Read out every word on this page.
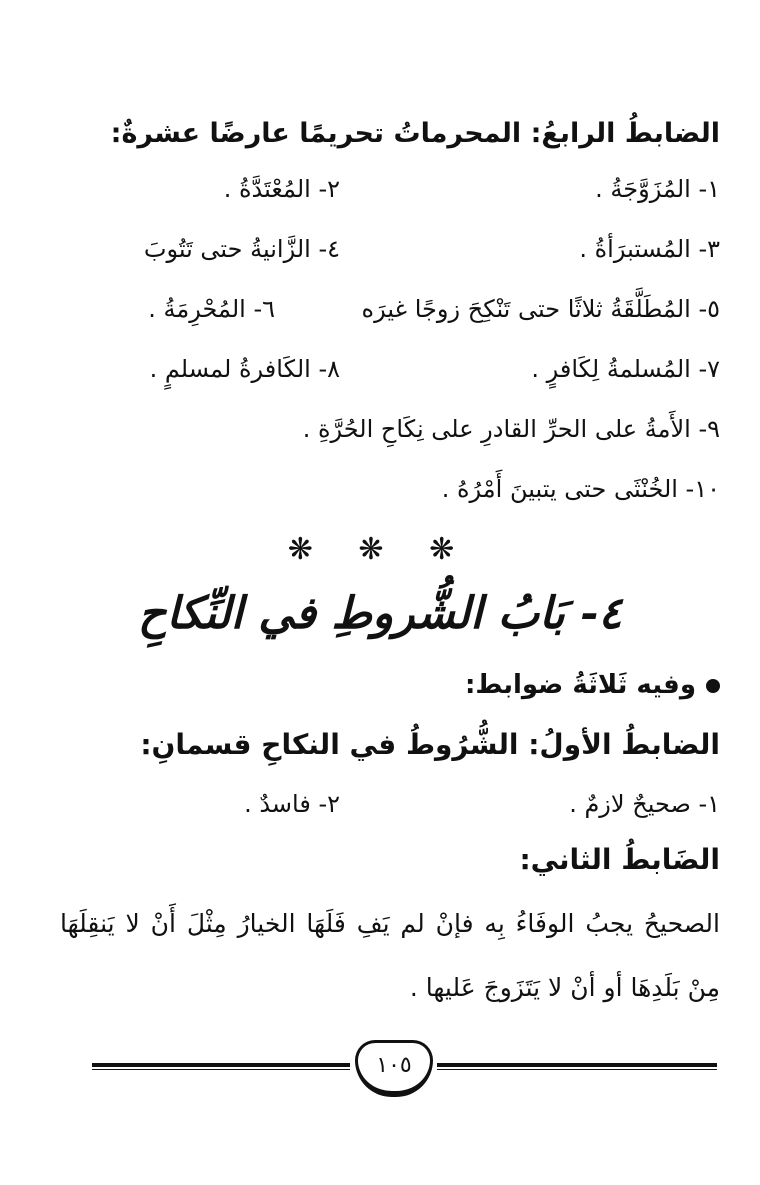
الضابطُ الرابعُ: المحرماتُ تحريمًا عارضًا عشرةٌ:
١- المُزَوَّجَةُ .
٢- المُعْتَدَّةُ .
٣- المُستبرَأةُ .
٤- الزَّانيةُ حتى تَتُوبَ
٥- المُطَلَّقَةُ ثلاثًا حتى تَنْكِحَ زوجًا غيرَه
٦- المُحْرِمَةُ .
٧- المُسلمةُ لِكَافرٍ .
٨- الكَافرةُ لمسلمٍ .
٩- الأَمةُ على الحرِّ القادرِ على نِكَاحِ الحُرَّةِ .
١٠- الخُنْثَى حتى يتبينَ أَمْرُهُ .
❋ ❋ ❋
٤- بَابُ الشُّروطِ في النِّكاحِ
وفيه ثَلاثَةُ ضوابط:
الضابطُ الأولُ: الشُّرُوطُ في النكاحِ قسمانِ:
١- صحيحٌ لازمٌ .
٢- فاسدٌ .
الضَابطُ الثاني:
الصحيحُ يجبُ الوفَاءُ بِه فإنْ لم يَفِ فَلَهَا الخيارُ مِثْلَ أَنْ لا يَنقِلَهَا مِنْ بَلَدِهَا أو أنْ لا يَتَزَوجَ عَليها .
١٠٥
